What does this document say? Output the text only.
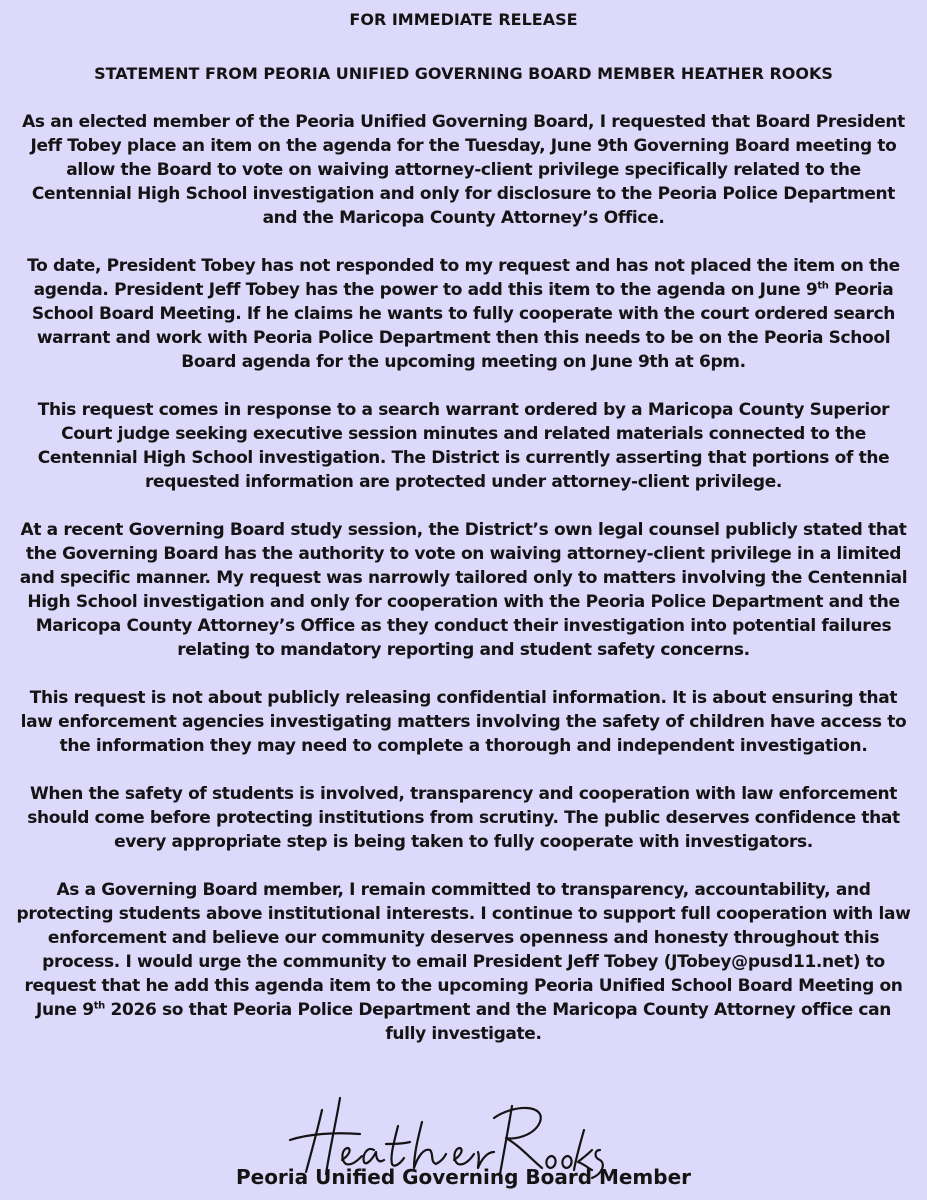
FOR IMMEDIATE RELEASE

STATEMENT FROM PEORIA UNIFIED GOVERNING BOARD MEMBER HEATHER ROOKS

As an elected member of the Peoria Unified Governing Board, I requested that Board President Jeff Tobey place an item on the agenda for the Tuesday, June 9th Governing Board meeting to allow the Board to vote on waiving attorney-client privilege specifically related to the Centennial High School investigation and only for disclosure to the Peoria Police Department and the Maricopa County Attorney’s Office.

To date, President Tobey has not responded to my request and has not placed the item on the agenda. President Jeff Tobey has the power to add this item to the agenda on June 9th Peoria School Board Meeting. If he claims he wants to fully cooperate with the court ordered search warrant and work with Peoria Police Department then this needs to be on the Peoria School Board agenda for the upcoming meeting on June 9th at 6pm.

This request comes in response to a search warrant ordered by a Maricopa County Superior Court judge seeking executive session minutes and related materials connected to the Centennial High School investigation. The District is currently asserting that portions of the requested information are protected under attorney-client privilege.

At a recent Governing Board study session, the District’s own legal counsel publicly stated that the Governing Board has the authority to vote on waiving attorney-client privilege in a limited and specific manner. My request was narrowly tailored only to matters involving the Centennial High School investigation and only for cooperation with the Peoria Police Department and the Maricopa County Attorney’s Office as they conduct their investigation into potential failures relating to mandatory reporting and student safety concerns.

This request is not about publicly releasing confidential information. It is about ensuring that law enforcement agencies investigating matters involving the safety of children have access to the information they may need to complete a thorough and independent investigation.

When the safety of students is involved, transparency and cooperation with law enforcement should come before protecting institutions from scrutiny. The public deserves confidence that every appropriate step is being taken to fully cooperate with investigators.

As a Governing Board member, I remain committed to transparency, accountability, and protecting students above institutional interests. I continue to support full cooperation with law enforcement and believe our community deserves openness and honesty throughout this process. I would urge the community to email President Jeff Tobey (JTobey@pusd11.net) to request that he add this agenda item to the upcoming Peoria Unified School Board Meeting on June 9th 2026 so that Peoria Police Department and the Maricopa County Attorney office can fully investigate.

Peoria Unified Governing Board Member
